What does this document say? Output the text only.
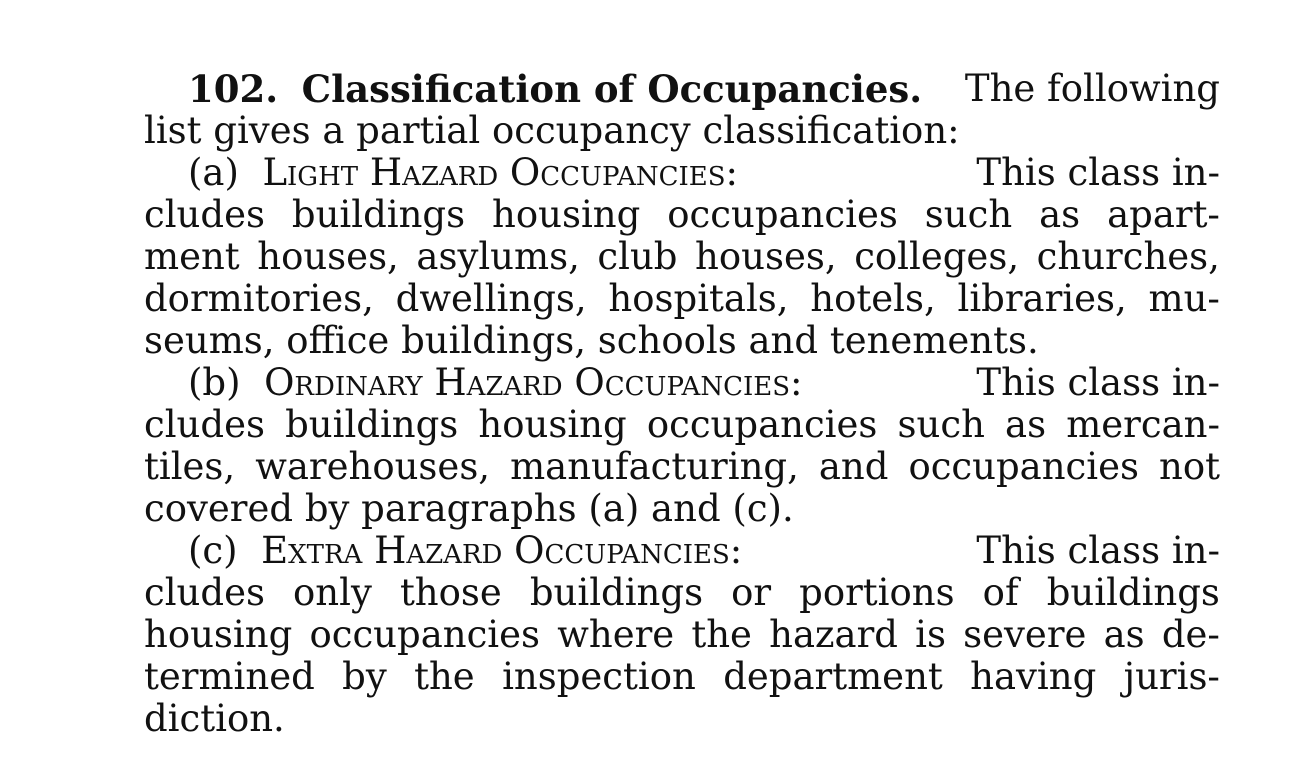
102. Classification of Occupancies. The following
list gives a partial occupancy classification:
(a) Light Hazard Occupancies:	This class in-
cludes buildings housing occupancies such as apart-
ment houses, asylums, club houses, colleges, churches,
dormitories, dwellings, hospitals, hotels, libraries, mu-
seums, office buildings, schools and tenements.
(b) Ordinary Hazard Occupancies:	This class in-
cludes buildings housing occupancies such as mercan-
tiles, warehouses, manufacturing, and occupancies not
covered by paragraphs (a) and (c).
(c) Extra Hazard Occupancies:	This class in-
cludes only those buildings or portions of buildings
housing occupancies where the hazard is severe as de-
termined by the inspection department having juris-
diction.
